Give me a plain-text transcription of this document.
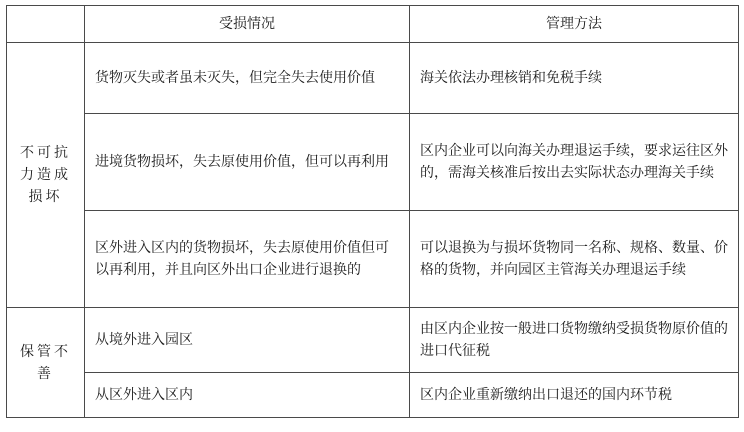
	受损情况	管理方法
不可抗力造成损坏	货物灭失或者虽未灭失，但完全失去使用价值	海关依法办理核销和免税手续
	进境货物损坏，失去原使用价值，但可以再利用	区内企业可以向海关办理退运手续，要求运往区外的，需海关核准后按出去实际状态办理海关手续
	区外进入区内的货物损坏，失去原使用价值但可以再利用，并且向区外出口企业进行退换的	可以退换为与损坏货物同一名称、规格、数量、价格的货物，并向园区主管海关办理退运手续
保管不善	从境外进入园区	由区内企业按一般进口货物缴纳受损货物原价值的进口代征税
	从区外进入区内	区内企业重新缴纳出口退还的国内环节税
